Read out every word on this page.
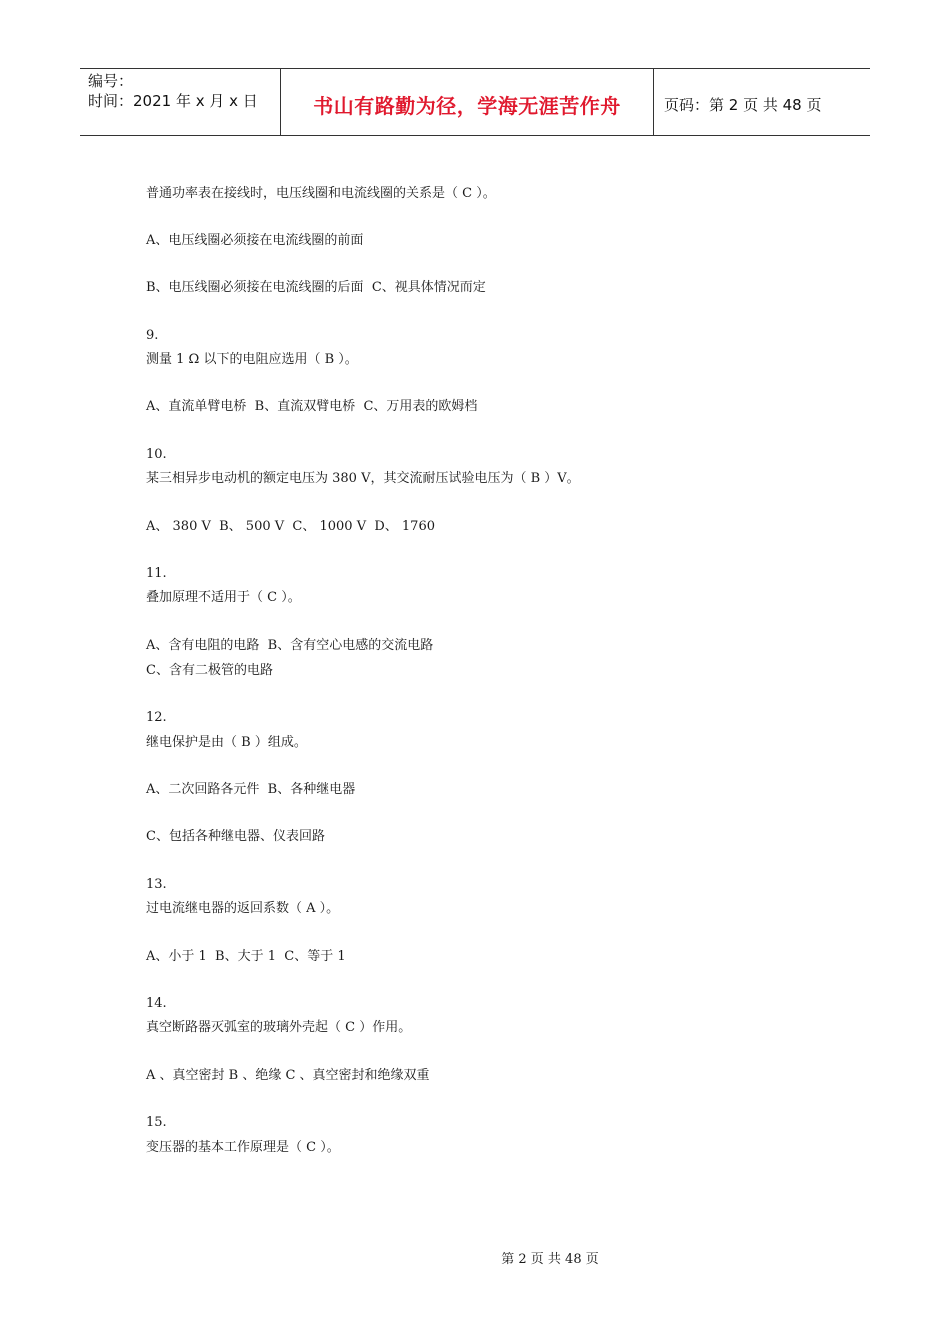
编号：
时间：2021 年 x 月 x 日	书山有路勤为径，学海无涯苦作舟	页码：第 2 页 共 48 页
普通功率表在接线时，电压线圈和电流线圈的关系是（ C ）。
A、电压线圈必须接在电流线圈的前面
B、电压线圈必须接在电流线圈的后面  C、视具体情况而定
9.
测量 1 Ω 以下的电阻应选用（ B ）。
A、直流单臂电桥  B、直流双臂电桥  C、万用表的欧姆档
10.
某三相异步电动机的额定电压为 380 V，其交流耐压试验电压为（ B ）V。
A、 380 V  B、 500 V  C、 1000 V  D、 1760
11.
叠加原理不适用于（ C ）。
A、含有电阻的电路  B、含有空心电感的交流电路
C、含有二极管的电路
12.
继电保护是由（ B ）组成。
A、二次回路各元件  B、各种继电器
C、包括各种继电器、仪表回路
13.
过电流继电器的返回系数（ A ）。
A、小于 1  B、大于 1  C、等于 1
14.
真空断路器灭弧室的玻璃外壳起（ C ）作用。
A 、真空密封 B 、绝缘 C 、真空密封和绝缘双重
15.
变压器的基本工作原理是（ C ）。
第 2 页 共 48 页
